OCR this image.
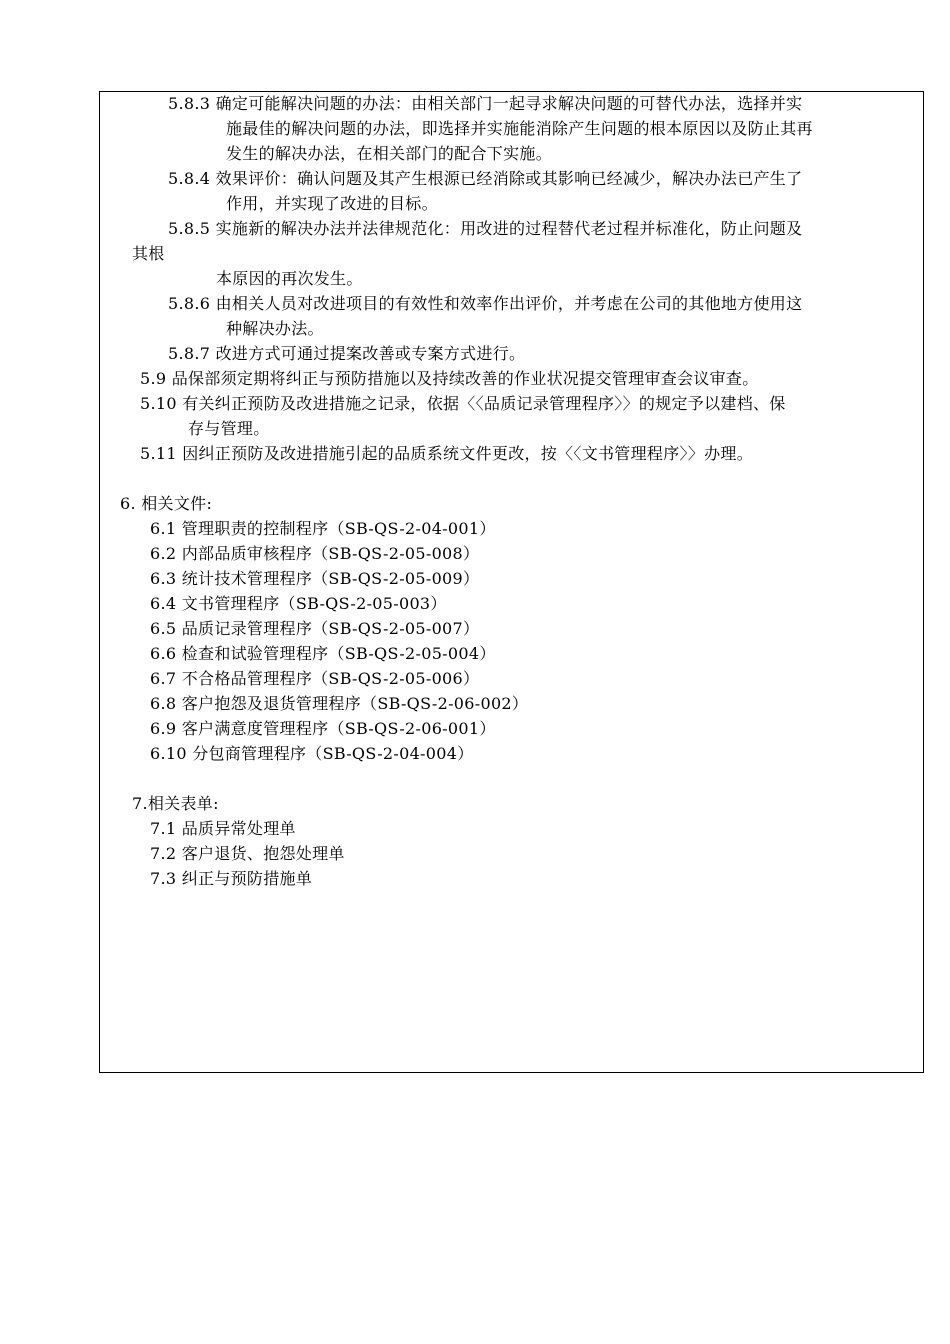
5.8.3 确定可能解决问题的办法：由相关部门一起寻求解决问题的可替代办法，选择并实
施最佳的解决问题的办法，即选择并实施能消除产生问题的根本原因以及防止其再
发生的解决办法，在相关部门的配合下实施。
5.8.4 效果评价：确认问题及其产生根源已经消除或其影响已经减少，解决办法已产生了
作用，并实现了改进的目标。
5.8.5 实施新的解决办法并法律规范化：用改进的过程替代老过程并标准化，防止问题及
其根
本原因的再次发生。
5.8.6 由相关人员对改进项目的有效性和效率作出评价，并考虑在公司的其他地方使用这
种解决办法。
5.8.7 改进方式可通过提案改善或专案方式进行。
5.9 品保部须定期将纠正与预防措施以及持续改善的作业状况提交管理审查会议审查。
5.10 有关纠正预防及改进措施之记录，依据〈〈品质记录管理程序〉〉的规定予以建档、保
存与管理。
5.11 因纠正预防及改进措施引起的品质系统文件更改，按〈〈文书管理程序〉〉办理。
6. 相关文件:
6.1 管理职责的控制程序（SB-QS-2-04-001）
6.2 内部品质审核程序（SB-QS-2-05-008）
6.3 统计技术管理程序（SB-QS-2-05-009）
6.4 文书管理程序（SB-QS-2-05-003）
6.5 品质记录管理程序（SB-QS-2-05-007）
6.6 检查和试验管理程序（SB-QS-2-05-004）
6.7 不合格品管理程序（SB-QS-2-05-006）
6.8 客户抱怨及退货管理程序（SB-QS-2-06-002）
6.9 客户满意度管理程序（SB-QS-2-06-001）
6.10 分包商管理程序（SB-QS-2-04-004）
7.相关表单:
7.1 品质异常处理单
7.2 客户退货、抱怨处理单
7.3 纠正与预防措施单
